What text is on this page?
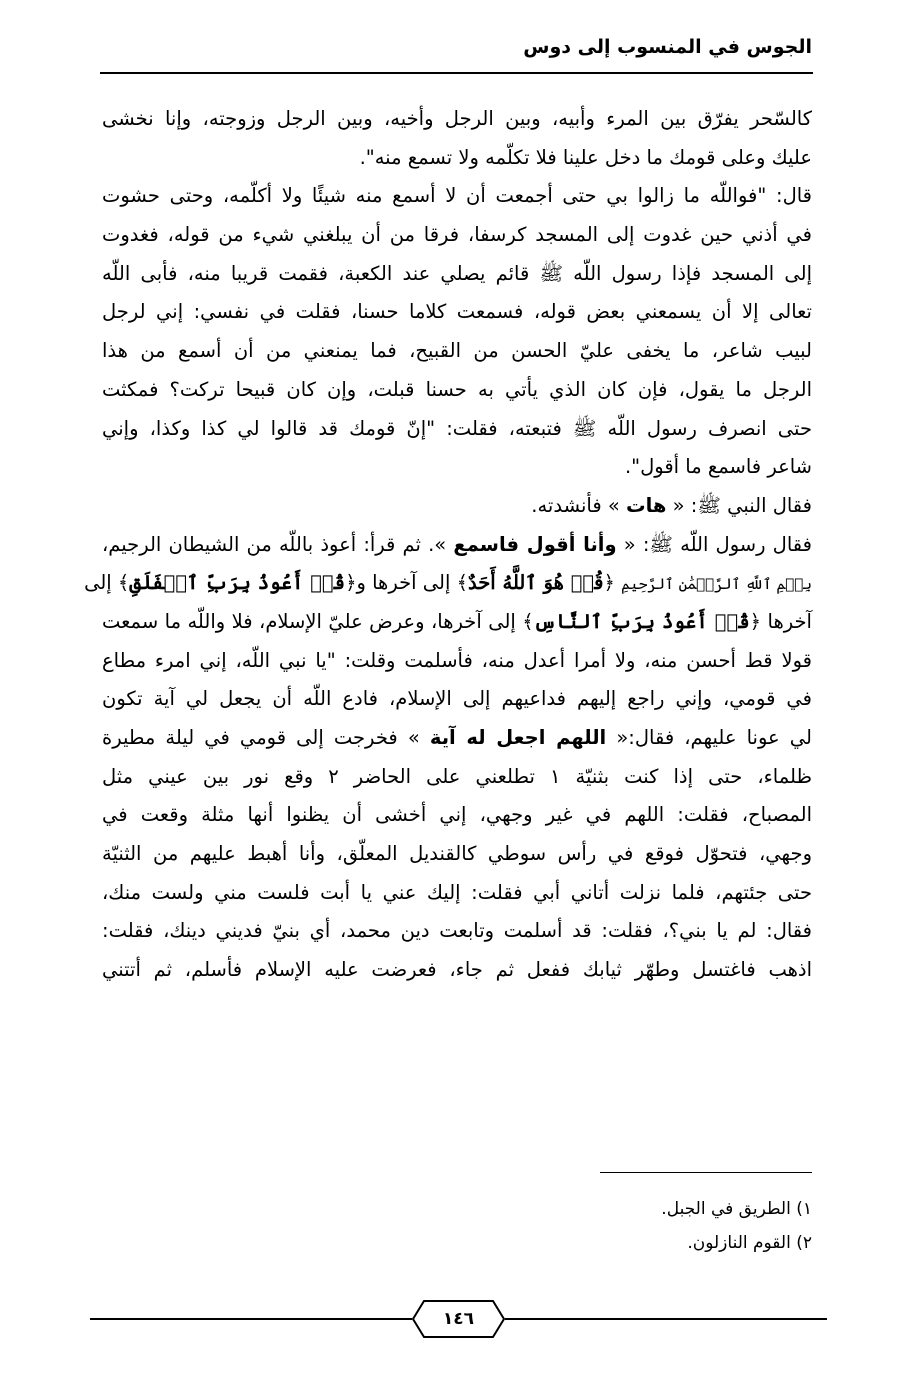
الجوس في المنسوب إلى دوس
كالسّحر يفرّق بين المرء وأبيه، وبين الرجل وأخيه، وبين الرجل وزوجته، وإنا نخشى
عليك وعلى قومك ما دخل علينا فلا تكلّمه ولا تسمع منه".
قال: "فواللّه ما زالوا بي حتى أجمعت أن لا أسمع منه شيئًا ولا أكلّمه، وحتى حشوت
في أذني حين غدوت إلى المسجد كرسفا، فرقا من أن يبلغني شيء من قوله، فغدوت
إلى المسجد فإذا رسول اللّه ﷺ قائم يصلي عند الكعبة، فقمت قريبا منه، فأبى اللّه
تعالى إلا أن يسمعني بعض قوله، فسمعت كلاما حسنا، فقلت في نفسي: إني لرجل
لبيب شاعر، ما يخفى عليّ الحسن من القبيح، فما يمنعني من أن أسمع من هذا
الرجل ما يقول، فإن كان الذي يأتي به حسنا قبلت، وإن كان قبيحا تركت؟ فمكثت
حتى انصرف رسول اللّه ﷺ فتبعته، فقلت: "إنّ قومك قد قالوا لي كذا وكذا، وإني
شاعر فاسمع ما أقول".
فقال النبي ﷺ: « هات » فأنشدته.
فقال رسول اللّه ﷺ: « وأنا أقول فاسمع ». ثم قرأ: أعوذ باللّه من الشيطان الرجيم،
بِسۡمِ ٱللَّهِ ٱلرَّحۡمَٰنِ ٱلرَّحِيمِ ﴿قُلۡ هُوَ ٱللَّهُ أَحَدٌ﴾ إلى آخرها و﴿قُلۡ أَعُوذُ بِرَبِّ ٱلۡفَلَقِ﴾ إلى
آخرها ﴿قُلۡ أَعُوذُ بِرَبِّ ٱلنَّاسِ﴾ إلى آخرها، وعرض عليّ الإسلام، فلا واللّه ما سمعت
قولا قط أحسن منه، ولا أمرا أعدل منه، فأسلمت وقلت: "يا نبي اللّه، إني امرء مطاع
في قومي، وإني راجع إليهم فداعيهم إلى الإسلام، فادع اللّه أن يجعل لي آية تكون
لي عونا عليهم، فقال:« اللهم اجعل له آية » فخرجت إلى قومي في ليلة مطيرة
ظلماء، حتى إذا كنت بثنيّة ١ تطلعني على الحاضر ٢ وقع نور بين عيني مثل
المصباح، فقلت: اللهم في غير وجهي، إني أخشى أن يظنوا أنها مثلة وقعت في
وجهي، فتحوّل فوقع في رأس سوطي كالقنديل المعلّق، وأنا أهبط عليهم من الثنيّة
حتى جئتهم، فلما نزلت أتاني أبي فقلت: إليك عني يا أبت فلست مني ولست منك،
فقال: لم يا بني؟، فقلت: قد أسلمت وتابعت دين محمد، أي بنيّ فديني دينك، فقلت:
اذهب فاغتسل وطهّر ثيابك ففعل ثم جاء، فعرضت عليه الإسلام فأسلم، ثم أتتني
١) الطريق في الجبل.
٢) القوم النازلون.
١٤٦
